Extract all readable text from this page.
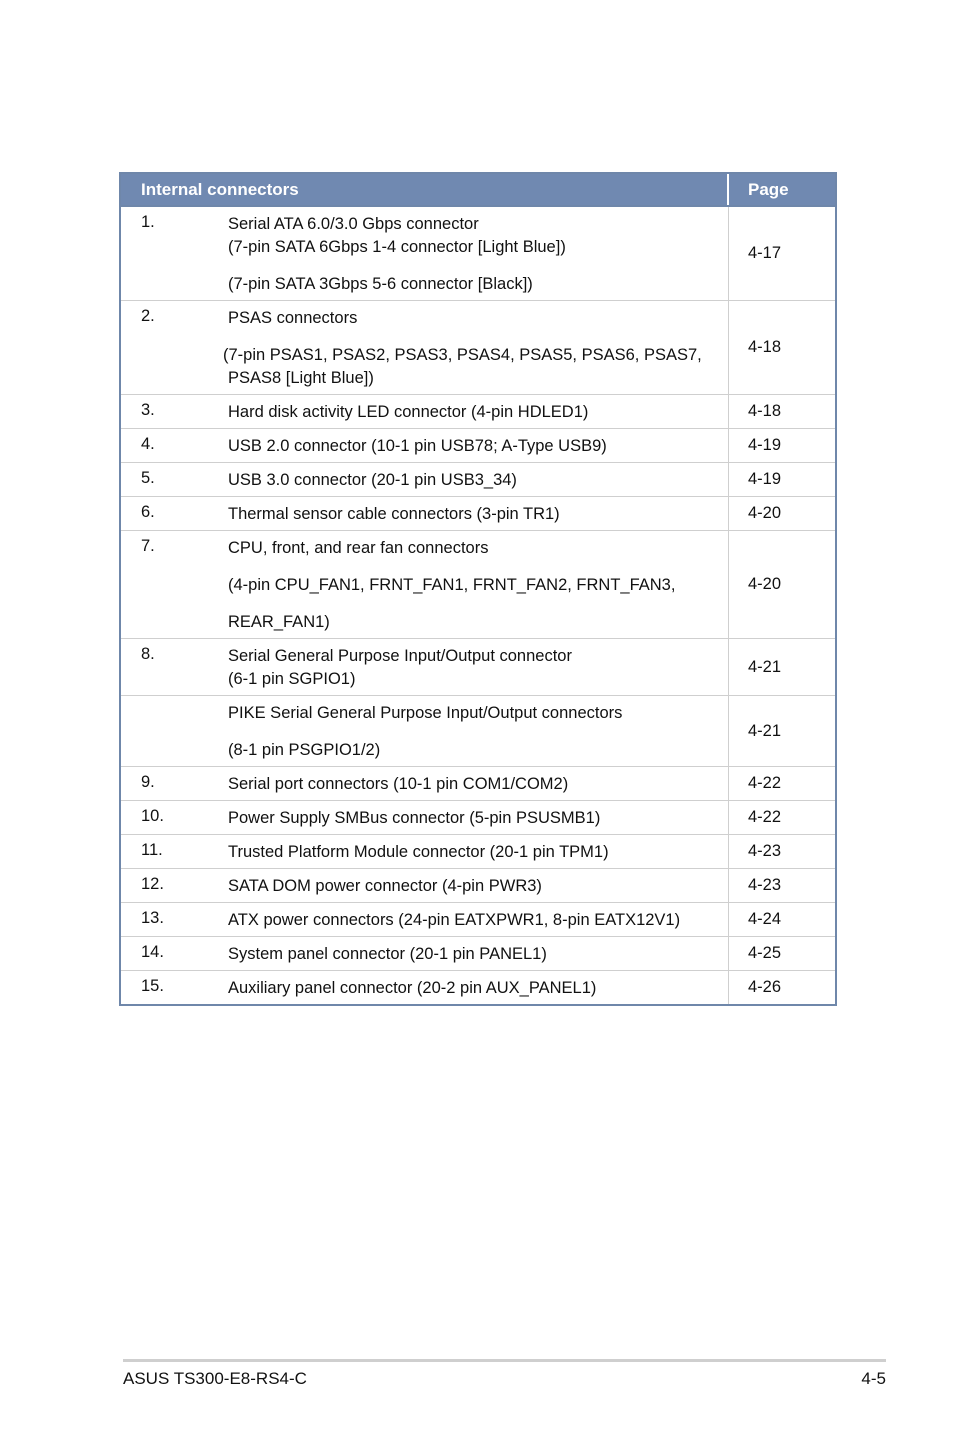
Internal connectors	Page
1.	Serial ATA 6.0/3.0 Gbps connector
(7-pin SATA 6Gbps 1-4 connector [Light Blue])
(7-pin SATA 3Gbps 5-6 connector [Black])
4-17
2.	PSAS connectors
(7-pin PSAS1, PSAS2, PSAS3, PSAS4, PSAS5, PSAS6, PSAS7,
PSAS8 [Light Blue])
4-18
3.	Hard disk activity LED connector (4-pin HDLED1)	4-18
4.	USB 2.0 connector (10-1 pin USB78; A-Type USB9)	4-19
5.	USB 3.0 connector (20-1 pin USB3_34)	4-19
6.	Thermal sensor cable connectors (3-pin TR1)	4-20
7.	CPU, front, and rear fan connectors
(4-pin CPU_FAN1, FRNT_FAN1, FRNT_FAN2, FRNT_FAN3,
REAR_FAN1)
4-20
8.	Serial General Purpose Input/Output connector
(6-1 pin SGPIO1)
4-21
PIKE Serial General Purpose Input/Output connectors
(8-1 pin PSGPIO1/2)
4-21
9.	Serial port connectors (10-1 pin COM1/COM2)	4-22
10.	Power Supply SMBus connector (5-pin PSUSMB1)	4-22
11.	Trusted Platform Module connector (20-1 pin TPM1)	4-23
12.	SATA DOM power connector (4-pin PWR3)	4-23
13.	ATX power connectors (24-pin EATXPWR1, 8-pin EATX12V1)	4-24
14.	System panel connector (20-1 pin PANEL1)	4-25
15.	Auxiliary panel connector (20-2 pin AUX_PANEL1)	4-26
ASUS TS300-E8-RS4-C	4-5
